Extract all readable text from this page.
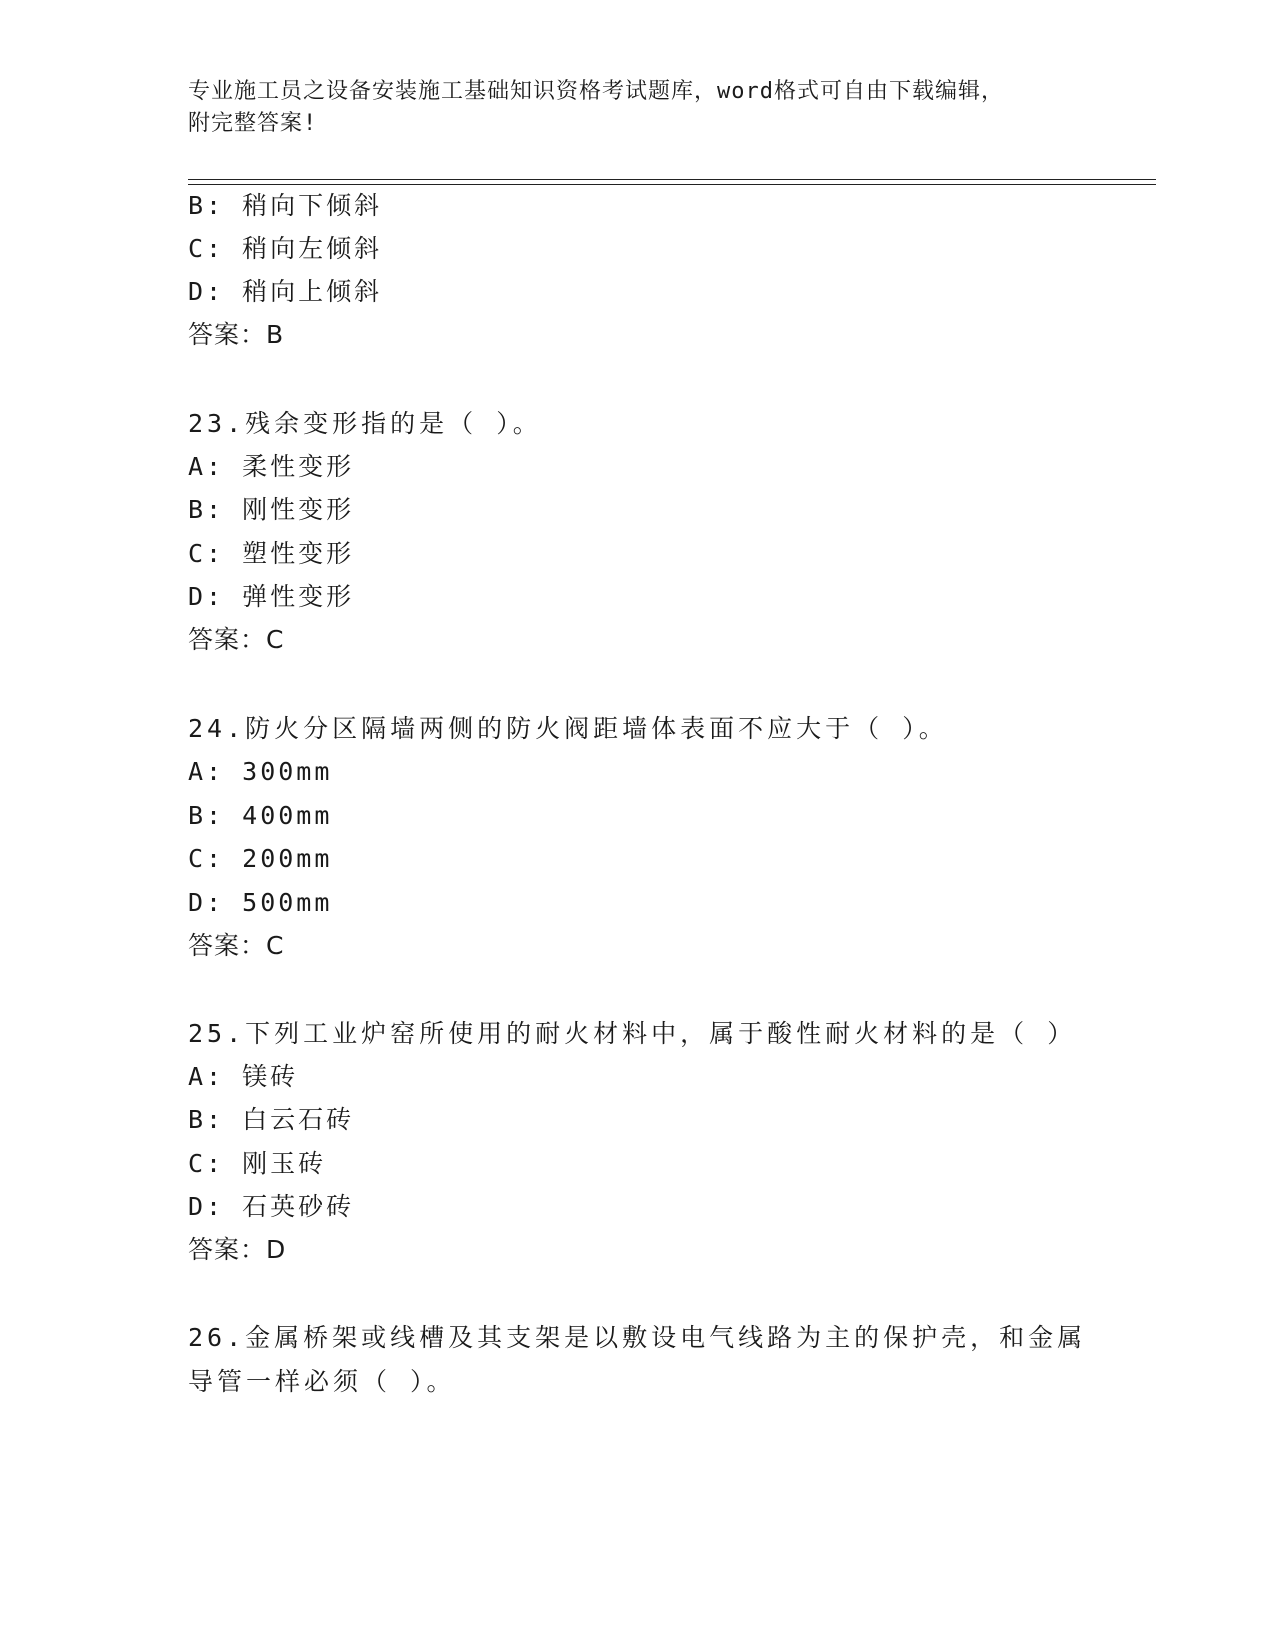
专业施工员之设备安装施工基础知识资格考试题库，word格式可自由下载编辑，
附完整答案!
B: 稍向下倾斜
C: 稍向左倾斜
D: 稍向上倾斜
答案：B
23.残余变形指的是（ ）。
A: 柔性变形
B: 刚性变形
C: 塑性变形
D: 弹性变形
答案：C
24.防火分区隔墙两侧的防火阀距墙体表面不应大于（ ）。
A: 300mm
B: 400mm
C: 200mm
D: 500mm
答案：C
25.下列工业炉窑所使用的耐火材料中，属于酸性耐火材料的是（ ）
A: 镁砖
B: 白云石砖
C: 刚玉砖
D: 石英砂砖
答案：D
26.金属桥架或线槽及其支架是以敷设电气线路为主的保护壳，和金属
导管一样必须（ ）。
